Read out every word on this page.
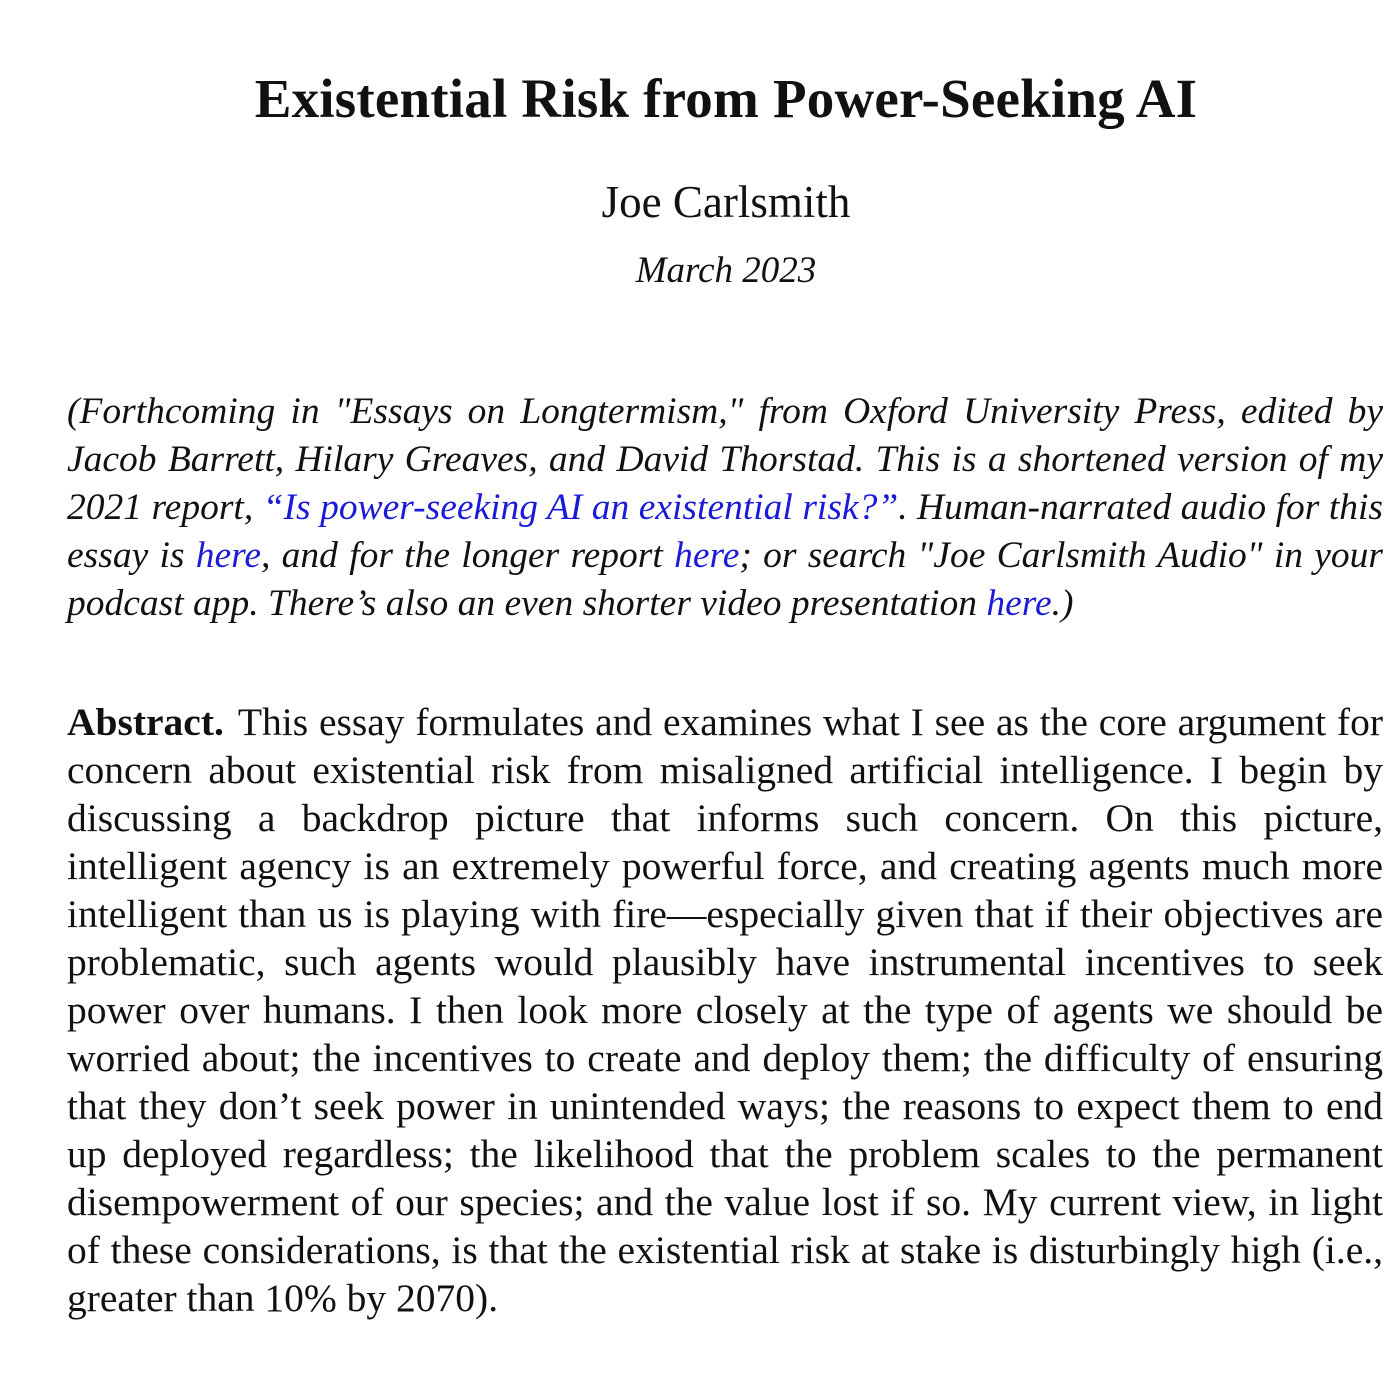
Existential Risk from Power-Seeking AI
Joe Carlsmith
March 2023

(Forthcoming in "Essays on Longtermism," from Oxford University Press, edited by Jacob Barrett, Hilary Greaves, and David Thorstad. This is a shortened version of my 2021 report, “Is power-seeking AI an existential risk?”. Human-narrated audio for this essay is here, and for the longer report here; or search "Joe Carlsmith Audio" in your podcast app. There’s also an even shorter video presentation here.)

Abstract. This essay formulates and examines what I see as the core argument for concern about existential risk from misaligned artificial intelligence. I begin by discussing a backdrop picture that informs such concern. On this picture, intelligent agency is an extremely powerful force, and creating agents much more intelligent than us is playing with fire—especially given that if their objectives are problematic, such agents would plausibly have instrumental incentives to seek power over humans. I then look more closely at the type of agents we should be worried about; the incentives to create and deploy them; the difficulty of ensuring that they don’t seek power in unintended ways; the reasons to expect them to end up deployed regardless; the likelihood that the problem scales to the permanent disempowerment of our species; and the value lost if so. My current view, in light of these considerations, is that the existential risk at stake is disturbingly high (i.e., greater than 10% by 2070).
